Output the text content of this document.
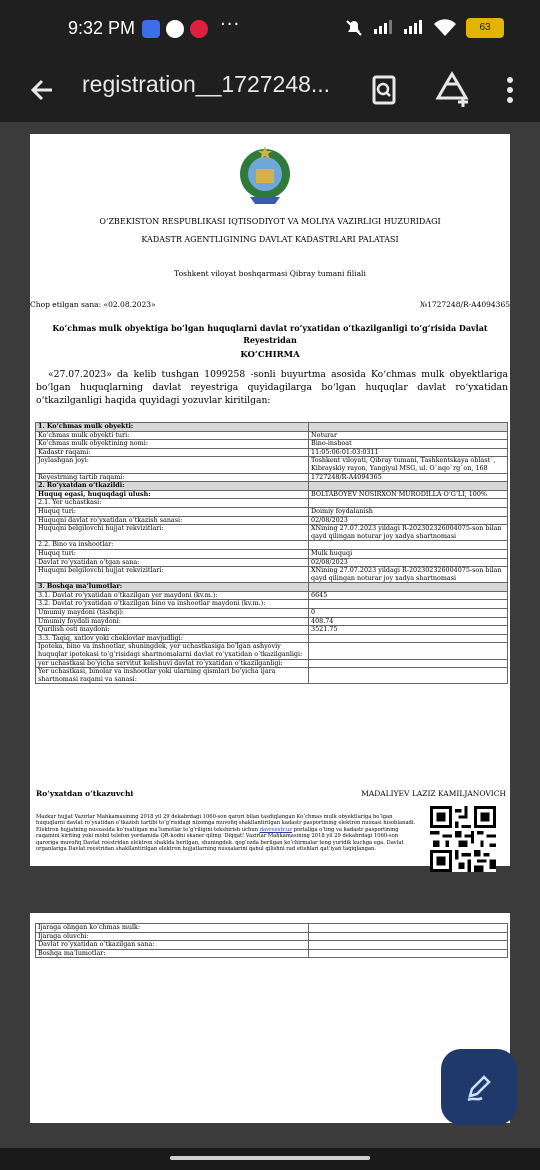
9:32 PM	···	63
registration__1727248...
O‘ZBEKISTON RESPUBLIKASI IQTISODIYOT VA MOLIYA VAZIRLIGI HUZURIDAGI
KADASTR AGENTLIGINING DAVLAT KADASTRLARI PALATASI
Toshkent viloyat boshqarmasi Qibray tumani filiali
Chop etilgan sana: «02.08.2023»	№1727248/R-A4094365
Ko‘chmas mulk obyektiga bo‘lgan huquqlarni davlat ro‘yxatidan o‘tkazilganligi to‘g‘risida Davlat Reyestridan
KO‘CHIRMA
«27.07.2023» da kelib tushgan 1099258 -sonli buyurtma asosida Ko‘chmas mulk obyektlariga bo‘lgan huquqlarning davlat reyestriga quyidagilarga bo‘lgan huquqlar davlat ro‘yxatidan o‘tkazilganligi haqida quyidagi yozuvlar kiritilgan:
1. Ko‘chmas mulk obyekti:	
Ko‘chmas mulk obyekti turi:	Noturar
Ko‘chmas mulk obyektining nomi:	Bino-inshoat
Kadastr raqami:	11:05:06:01:03:0311
Joylashgan joyi:	Toshkent viloyati, Qibray tumani, Tashkentskaya oblast`, Kibrayskiy rayon, Yangiyul MSG, ul. O`nqo`rg`on, 168
Reyestrning tartib raqami:	1727248/R-A4094365
2. Ro‘yxatdan o‘tkazildi:	
Huquq egasi, huquqdagi ulush:	BOLTABOYEV NOSIRXON MURODILLA O‘G‘LI, 100%
2.1. Yer uchastkasi:	
Huquq turi:	Doimiy foydalanish
Huquqni davlat ro‘yxatidan o‘tkazish sanasi:	02/08/2023
Huquqni belgilovchi hujjat rekvizitlari:	XNining 27.07.2023 yildagi R-202302326004075-son bilan qayd qilingan noturar joy xadya shartnomasi
2.2. Bino va inshootlar:	
Huquq turi:	Mulk huquqi
Davlat ro‘yxatidan o‘tgan sana:	02/08/2023
Huquqni belgilovchi hujjat rekvizitlari:	XNining 27.07.2023 yildagi R-202302326004075-son bilan qayd qilingan noturar joy xadya shartnomasi
3. Boshqa ma‘lumotlar:	
3.1. Davlat ro‘yxatidan o‘tkazilgan yer maydoni (kv.m.):	6645
3.2. Davlat ro‘yxatidan o‘tkazilgan bino va inshootlar maydoni (kv.m.):	
Umumiy maydoni (tashqi):	0
Umumiy foydali maydoni:	408.74
Qurilish osti maydoni:	3521.75
3.3. Taqiq, xatlov yoki cheklovlar mavjudligi:	
Ipoteka, bino va inshootlar, shuningdek, yer uchastkasiga bo‘lgan ashyoviy huquqlar ipotekasi to‘g‘risidagi shartnomalarni davlat ro‘yxatidan o‘tkazilganligi:	
yer uchastkasi bo‘yicha servitut kelishuvi davlat ro‘yxatidan o‘tkazilganligi:	
Yer uchastkasi, binolar va inshootlar yoki ularning qismlari bo‘yicha ijara shartnomasi raqami va sanasi:	
Ro‘yxatdan o‘tkazuvchi	MADALIYEV LAZIZ KAMILJANOVICH
Mazkur hujjat Vazirlar Mahkamasining 2018 yil 29 dekabrdagi 1060-son qarori bilan tasdiqlangan Ko‘chmas mulk obyektlariga bo‘lgan huquqlarni davlat ro‘yxatidan o‘tkazish tartibi to‘g‘risidagi nizomga muvofiq shakllantirilgan kadastr pasportining elektron nusxasi hisoblanadi. Elektron hujjatning nusxasida ko‘rsatilgan ma‘lumotlar to‘g‘riligini tekshirish uchun davreestr.uz portaliga o‘ting va kadastr pasportining raqamini kiriting yoki mobil telefon yordamida QR-kodni skaner qiling. Diqqat! Vazirlar Mahkamasining 2018 yil 29 dekabrdagi 1060-son qaroriga muvofiq Davlat reestridan elektron shaklda berilgan, shuningdek. qog‘ozda berilgan ko‘chirmalar teng yuridik kuchga ega. Davlat organlariga Davlat reestridan shakllantirilgan elektron hujjatlarning nusxalarini qabul qilishni rad etishlari qat’iyan taqiqlangan.
Ijaraga olingan ko‘chmas mulk:	
Ijaraga oluvchi:	
Davlat ro‘yxatidan o‘tkazilgan sana:	
Boshqa ma‘lumotlar:	
